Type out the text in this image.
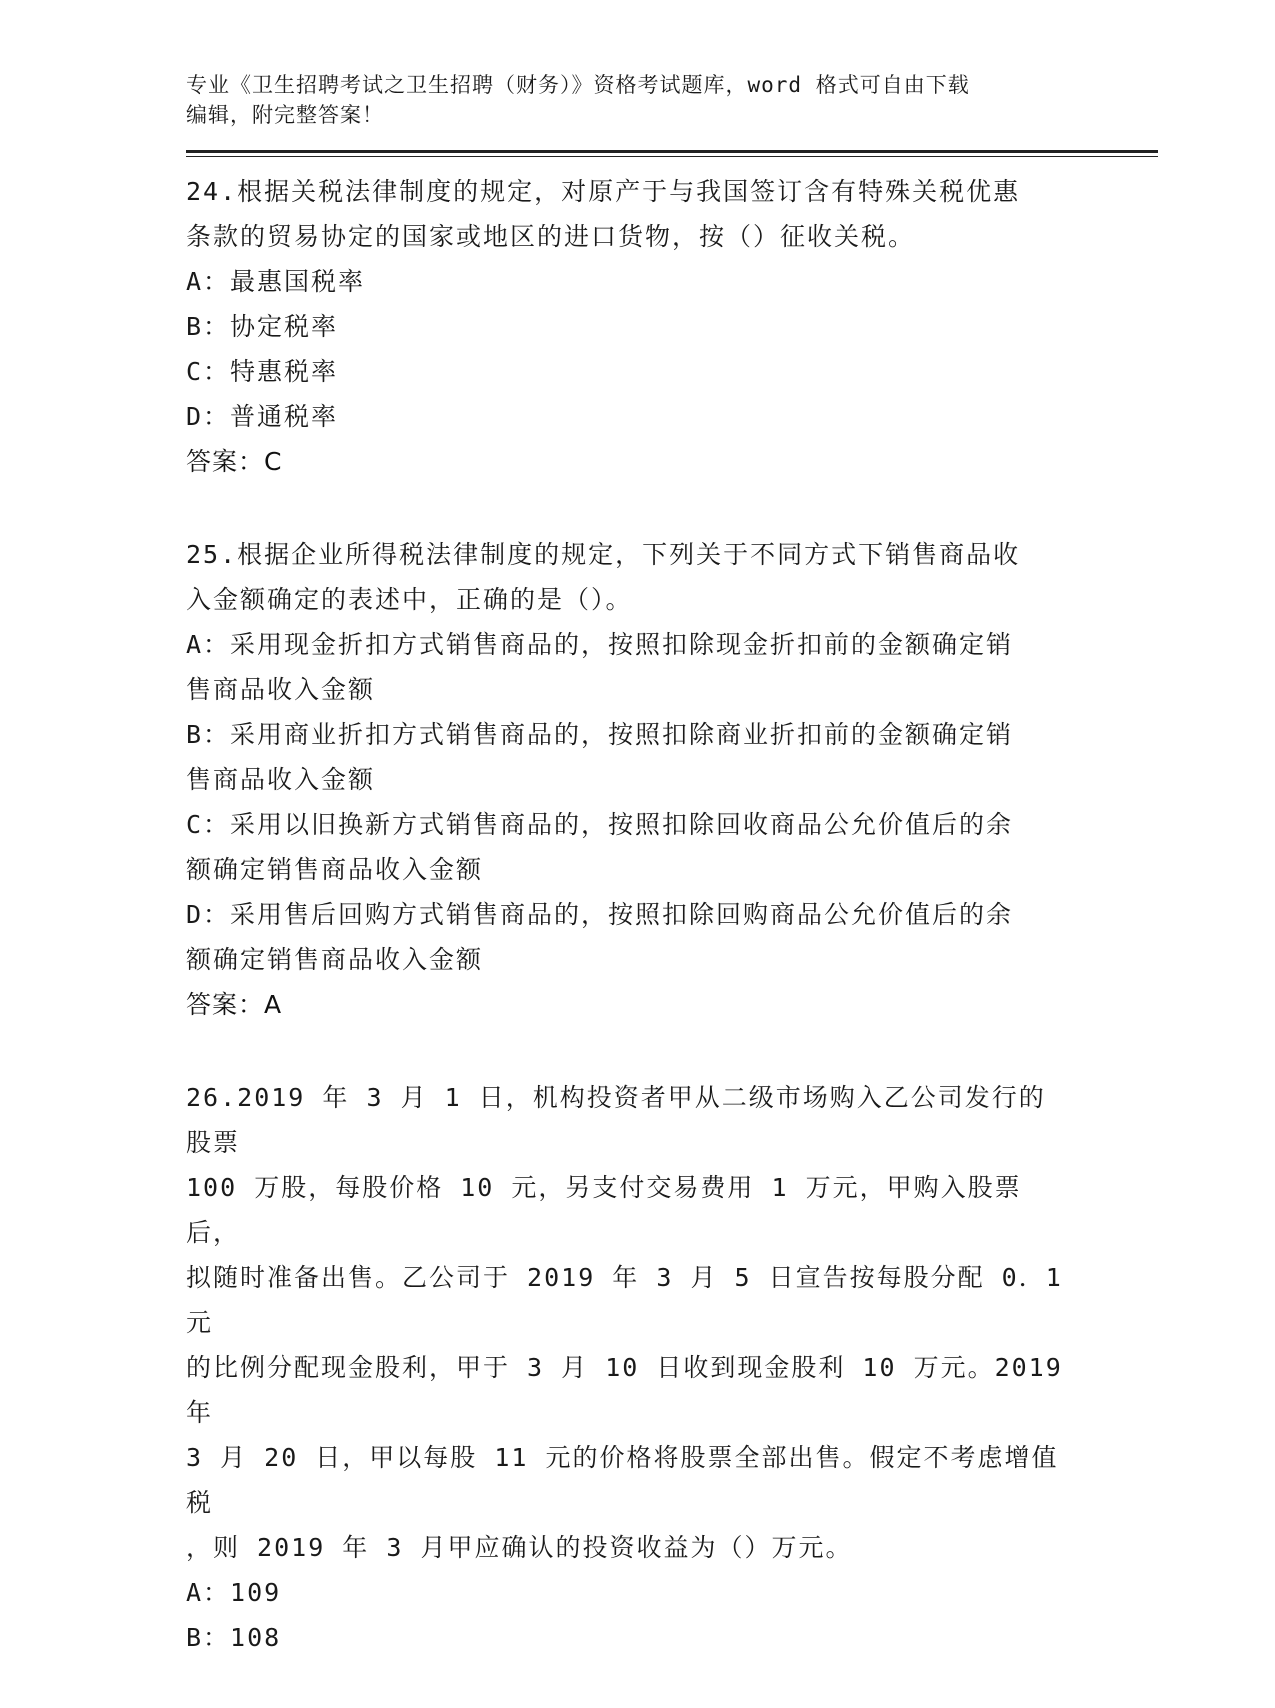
专业《卫生招聘考试之卫生招聘（财务）》资格考试题库，word 格式可自由下载
编辑，附完整答案！
24.根据关税法律制度的规定，对原产于与我国签订含有特殊关税优惠
条款的贸易协定的国家或地区的进口货物，按（）征收关税。
A：最惠国税率
B：协定税率
C：特惠税率
D：普通税率
答案：C
25.根据企业所得税法律制度的规定，下列关于不同方式下销售商品收
入金额确定的表述中，正确的是（）。
A：采用现金折扣方式销售商品的，按照扣除现金折扣前的金额确定销
售商品收入金额
B：采用商业折扣方式销售商品的，按照扣除商业折扣前的金额确定销
售商品收入金额
C：采用以旧换新方式销售商品的，按照扣除回收商品公允价值后的余
额确定销售商品收入金额
D：采用售后回购方式销售商品的，按照扣除回购商品公允价值后的余
额确定销售商品收入金额
答案：A
26.2019 年 3 月 1 日，机构投资者甲从二级市场购入乙公司发行的股票
100 万股，每股价格 10 元，另支付交易费用 1 万元，甲购入股票后，
拟随时准备出售。乙公司于 2019 年 3 月 5 日宣告按每股分配 0．1 元
的比例分配现金股利，甲于 3 月 10 日收到现金股利 10 万元。2019 年
3 月 20 日，甲以每股 11 元的价格将股票全部出售。假定不考虑增值税
，则 2019 年 3 月甲应确认的投资收益为（）万元。
A：109
B：108
